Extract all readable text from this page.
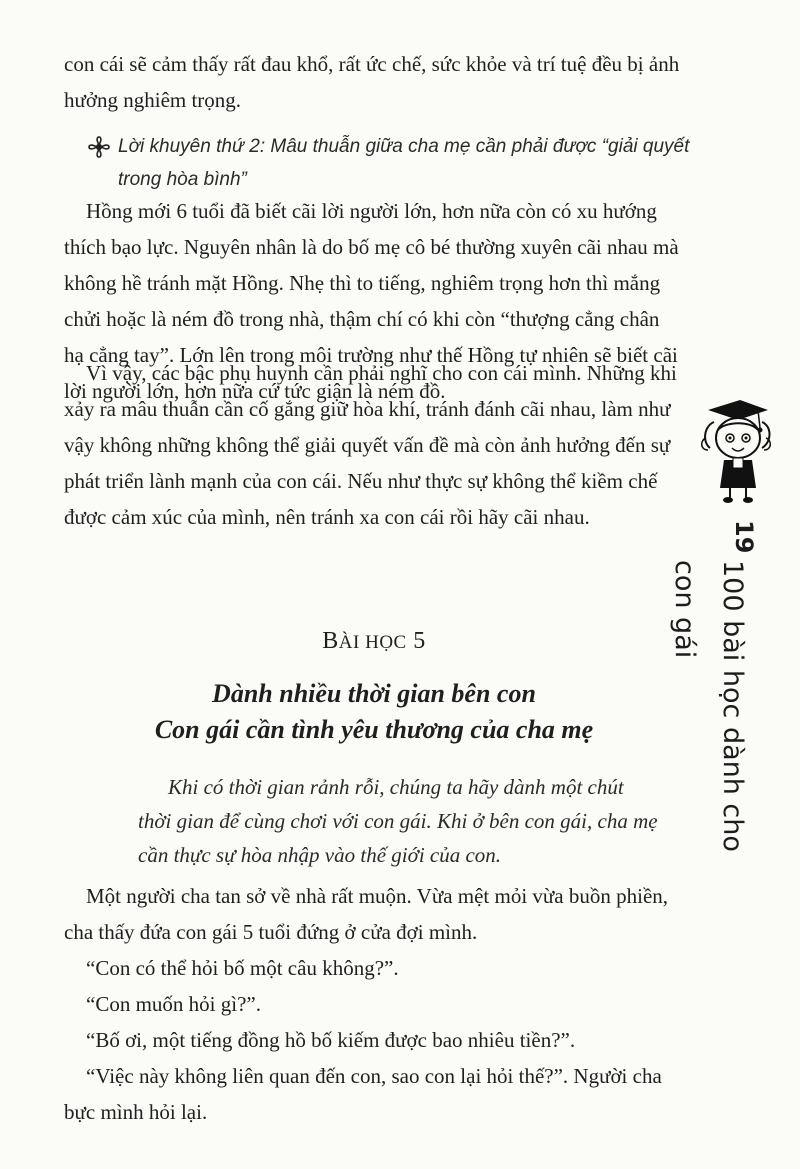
con cái sẽ cảm thấy rất đau khổ, rất ức chế, sức khỏe và trí tuệ đều bị ảnh hưởng nghiêm trọng.

Lời khuyên thứ 2: Mâu thuẫn giữa cha mẹ cần phải được “giải quyết
trong hòa bình”

Hồng mới 6 tuổi đã biết cãi lời người lớn, hơn nữa còn có xu hướng thích bạo lực. Nguyên nhân là do bố mẹ cô bé thường xuyên cãi nhau mà không hề tránh mặt Hồng. Nhẹ thì to tiếng, nghiêm trọng hơn thì mắng chửi hoặc là ném đồ trong nhà, thậm chí có khi còn “thượng cẳng chân hạ cẳng tay”. Lớn lên trong môi trường như thế Hồng tự nhiên sẽ biết cãi lời người lớn, hơn nữa cứ tức giận là ném đồ.

Vì vậy, các bậc phụ huynh cần phải nghĩ cho con cái mình. Những khi xảy ra mâu thuẫn cần cố gắng giữ hòa khí, tránh đánh cãi nhau, làm như vậy không những không thể giải quyết vấn đề mà còn ảnh hưởng đến sự phát triển lành mạnh của con cái. Nếu như thực sự không thể kiềm chế được cảm xúc của mình, nên tránh xa con cái rồi hãy cãi nhau.

BÀI HỌC 5
Dành nhiều thời gian bên con
Con gái cần tình yêu thương của cha mẹ
Khi có thời gian rảnh rỗi, chúng ta hãy dành một chút thời gian để cùng chơi với con gái. Khi ở bên con gái, cha mẹ cần thực sự hòa nhập vào thế giới của con.

Một người cha tan sở về nhà rất muộn. Vừa mệt mỏi vừa buồn phiền, cha thấy đứa con gái 5 tuổi đứng ở cửa đợi mình.

“Con có thể hỏi bố một câu không?”.

“Con muốn hỏi gì?”.

“Bố ơi, một tiếng đồng hồ bố kiếm được bao nhiêu tiền?”.

“Việc này không liên quan đến con, sao con lại hỏi thế?”. Người cha bực mình hỏi lại.

19
100 bài học dành cho con gái
